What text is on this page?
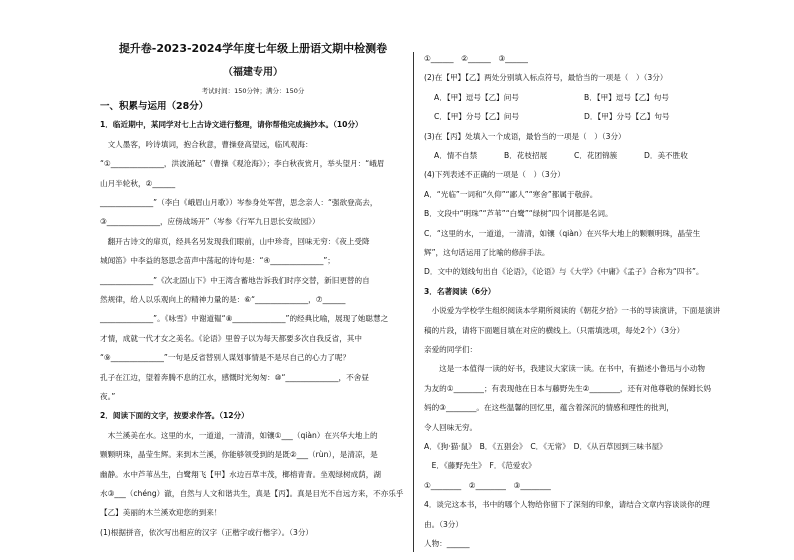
提升卷-2023-2024学年度七年级上册语文期中检测卷
（福建专用）
考试时间：150分钟；满分：150分
一、积累与运用（28分）
1．临近期中，某同学对七上古诗文进行整理，请你帮他完成摘抄本。（10分）
　文人墨客，吟诗填词，抱合秋意，曹操登高望远，临风观海：
“①______________，洪波涌起”（曹操《观沧海》）；李白秋夜赏月，举头望月：“峨眉
山月半轮秋，②______
______________”（李白《峨眉山月歌》）岑参身处军营，思念亲人：“强欲登高去，
③______________，应傍战场开”（岑参《行军九日思长安故园》）
　翻开古诗文的扉页，经具名另发现我们眼前，山中珍奇，回味无穷：《夜上受降
城闻笛》中李益的怒思念苗声中荡起的诗句是：“④______________”；
______________”《次北固山下》中王湾含蓄地告诉我们时序交替，新旧更替的自
然规律，给人以乐观向上的精神力量的是：⑥“______________，⑦______
______________”。《咏雪》中谢道韫“⑧______________”的经典比喻，展现了她聪慧之
才情，成就一代才女之美名。《论语》里曾子以为每天都要多次自我反省，其中
“⑨______________”一句是反省替别人谋划事情是不是尽自己的心力了呢？
孔子在江边，望着奔腾不息的江水，感慨时光匆匆：⑩“______________，不舍昼
夜。”
2．阅读下面的文字，按要求作答。（12分）
　木兰溪美在水。这里的水，一道道，一清清，如镶①___（qiàn）在兴华大地上的
颗颗明珠，晶莹生辉。来到木兰溪，你能够领受到的是既②___（rùn），是清凉，是
幽静。水中芦苇丛生，白鹭翔飞【甲】水边百草丰茂，榔榕青青。坐观绿树成荫，湖
水③___（chéng）澈，自然与人文和谐共生，真是【丙】。真是目光不自远方来，不亦乐乎
【乙】美丽的木兰溪欢迎您的到来！
(1)根据拼音，依次写出相应的汉字（正楷字或行楷字）。（3分）
①______　②______　③______
(2)在【甲】【乙】两处分别填入标点符号，最恰当的一项是（　）（3分）
A．【甲】逗号【乙】问号	B．【甲】逗号【乙】句号
C．【甲】分号【乙】问号	D．【甲】分号【乙】句号
(3)在【丙】处填入一个成语，最恰当的一项是（　）（3分）
A．情不自禁	B．花枝招展	C．花团锦簇	D．美不胜收
(4)下列表述不正确的一项是（　）（3分）
A．“光临”一词和“久仰”“鄙人”“寒舍”都属于敬辞。
B．文段中“明珠”“芦苇”“白鹭”“绿树”四个词都是名词。
C．“这里的水，一道道，一清清，如镶（qiàn）在兴华大地上的颗颗明珠，晶莹生
辉”，这句话运用了比喻的修辞手法。
D．文中的划线句出自《论语》，《论语》与《大学》《中庸》《孟子》合称为“四书”。
3．名著阅读（6分）
　小说爱为学校学生组织阅读本学期所阅读的《朝花夕拾》一书的导读演讲，下面是演讲
稿的片段，请将下面题目填在对应的横线上。（只需填选项，每处2个）（3分）
亲爱的同学们：
　　这是一本值得一读的好书，我建议大家读一读。在书中，有描述小鲁迅与小动物
为友的①________；有表现他在日本与藤野先生②________，还有对他尊敬的保姆长妈
妈的③________。在这些温馨的回忆里，蕴含着深沉的情感和理性的批判，
令人回味无穷。
A．《狗·猫·鼠》　B．《五猖会》　C．《无常》　D．《从百草园到三味书屋》
　E．《藤野先生》　F．《范爱农》
①________　②________　③________
4．谈完这本书，书中的哪个人物给你留下了深刻的印象，请结合文章内容谈谈你的理
由。（3分）
人物：______
